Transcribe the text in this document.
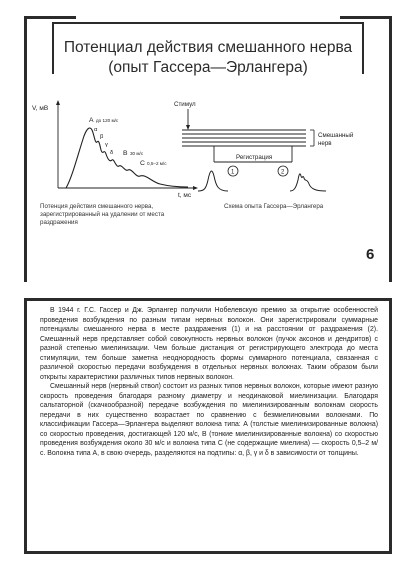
Потенциал действия смешанного нерва
(опыт Гассера—Эрлангера)
V, мВ
t, мс
A до 120 м/с
α
β
γ
δ B 30 м/с
C 0,5–2 м/с
Стимул
Смешанный
нерв
Регистрация
1	2
Потенция действия смешанного нерва, зарегистрированный на удалении от места раздражения
Схема опыта Гассера—Эрлангера
6

В 1944 г. Г.С. Гассер и Дж. Эрлангер получили Нобелевскую премию за открытие особенностей проведения возбуждения по разным типам нервных волокон. Они зарегистрировали суммарные потенциалы смешанного нерва в месте раздражения (1) и на расстоянии от раздражения (2). Смешанный нерв представляет собой совокупность нервных волокон (пучок аксонов и дендритов) с разной степенью миелинизации. Чем больше дистанция от регистрирующего электрода до места стимуляции, тем больше заметна неоднородность формы суммарного потенциала, связанная с различной скоростью передачи возбуждения в отдельных нервных волокнах. Таким образом были открыты характеристики различных типов нервных волокон.

Смешанный нерв (нервный ствол) состоит из разных типов нервных волокон, которые имеют разную скорость проведения благодаря разному диаметру и неодинаковой миелинизации. Благодаря сальтаторной (скачкообразной) передаче возбуждения по миелинизированным волокнам скорость передачи в них существенно возрастает по сравнению с безмиелиновыми волокнами. По классификации Гассера—Эрлангера выделяют волокна типа: А (толстые миелинизированные волокна) со скоростью проведения, достигающей 120 м/с, В (тонкие миелинизированные волокна) со скоростью проведения возбуждения около 30 м/с и волокна типа С (не содержащие миелина) — скорость 0,5–2 м/с. Волокна типа А, в свою очередь, разделяются на подтипы: α, β, γ и δ в зависимости от толщины.
